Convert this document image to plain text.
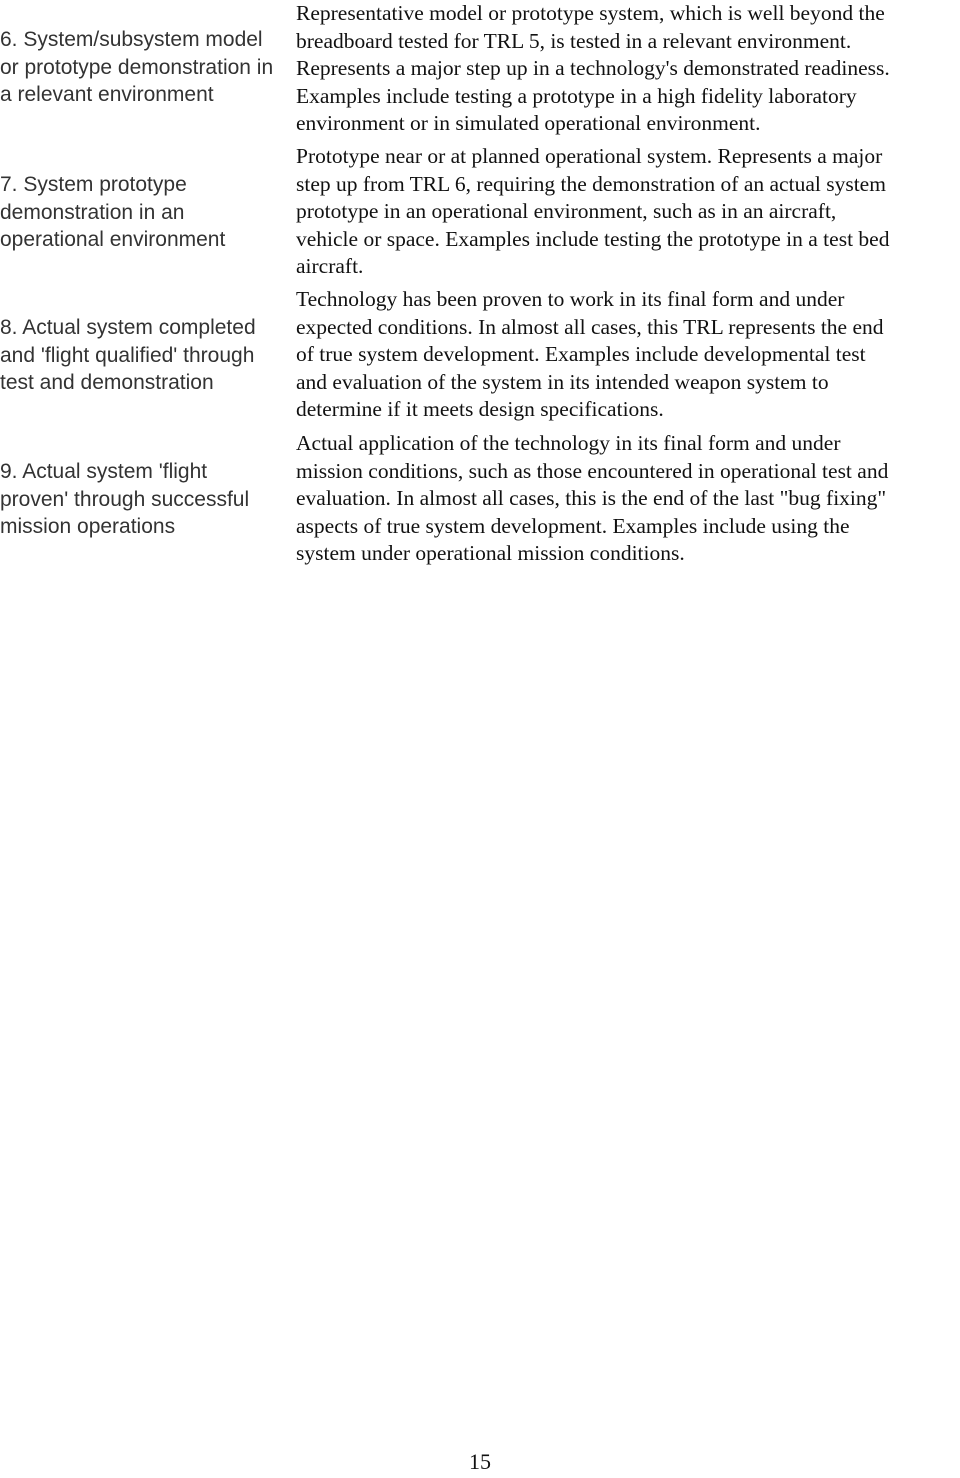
6. System/subsystem model
or prototype demonstration in
a relevant environment
Representative model or prototype system, which is well beyond the
breadboard tested for TRL 5, is tested in a relevant environment.
Represents a major step up in a technology's demonstrated readiness.
Examples include testing a prototype in a high fidelity laboratory
environment or in simulated operational environment.
7. System prototype
demonstration in an
operational environment
Prototype near or at planned operational system. Represents a major
step up from TRL 6, requiring the demonstration of an actual system
prototype in an operational environment, such as in an aircraft,
vehicle or space. Examples include testing the prototype in a test bed
aircraft.
8. Actual system completed
and 'flight qualified' through
test and demonstration
Technology has been proven to work in its final form and under
expected conditions. In almost all cases, this TRL represents the end
of true system development. Examples include developmental test
and evaluation of the system in its intended weapon system to
determine if it meets design specifications.
9. Actual system 'flight
proven' through successful
mission operations
Actual application of the technology in its final form and under
mission conditions, such as those encountered in operational test and
evaluation. In almost all cases, this is the end of the last "bug fixing"
aspects of true system development. Examples include using the
system under operational mission conditions.
15
